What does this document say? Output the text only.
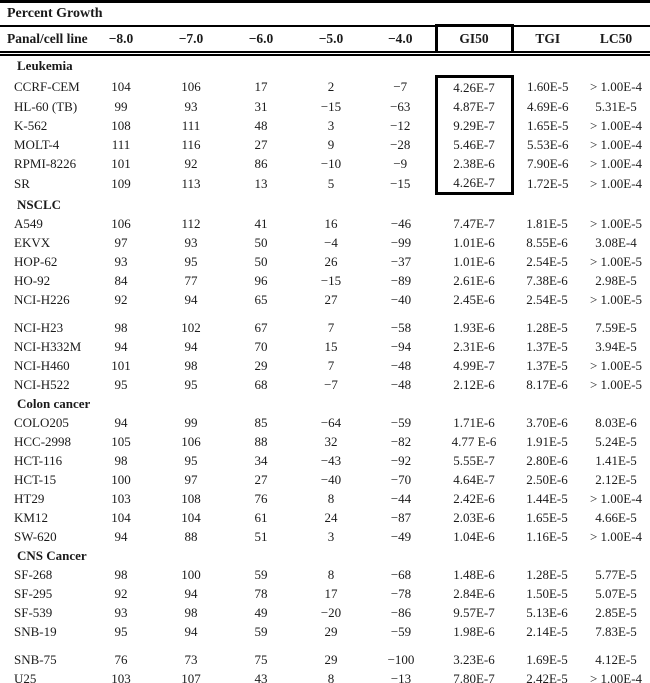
Percent Growth								
Panal/cell line	−8.0	−7.0	−6.0	−5.0	−4.0	GI50	TGI	LC50
Leukemia								
CCRF-CEM	104	106	17	2	−7	4.26E-7	1.60E-5	> 1.00E-4
HL-60 (TB)	99	93	31	−15	−63	4.87E-7	4.69E-6	5.31E-5
K-562	108	111	48	3	−12	9.29E-7	1.65E-5	> 1.00E-4
MOLT-4	111	116	27	9	−28	5.46E-7	5.53E-6	> 1.00E-4
RPMI-8226	101	92	86	−10	−9	2.38E-6	7.90E-6	> 1.00E-4
SR	109	113	13	5	−15	4.26E-7	1.72E-5	> 1.00E-4
NSCLC								
A549	106	112	41	16	−46	7.47E-7	1.81E-5	> 1.00E-5
EKVX	97	93	50	−4	−99	1.01E-6	8.55E-6	3.08E-4
HOP-62	93	95	50	26	−37	1.01E-6	2.54E-5	> 1.00E-5
HO-92	84	77	96	−15	−89	2.61E-6	7.38E-6	2.98E-5
NCI-H226	92	94	65	27	−40	2.45E-6	2.54E-5	> 1.00E-5

NCI-H23	98	102	67	7	−58	1.93E-6	1.28E-5	7.59E-5
NCI-H332M	94	94	70	15	−94	2.31E-6	1.37E-5	3.94E-5
NCI-H460	101	98	29	7	−48	4.99E-7	1.37E-5	> 1.00E-5
NCI-H522	95	95	68	−7	−48	2.12E-6	8.17E-6	> 1.00E-5
Colon cancer								
COLO205	94	99	85	−64	−59	1.71E-6	3.70E-6	8.03E-6
HCC-2998	105	106	88	32	−82	4.77 E-6	1.91E-5	5.24E-5
HCT-116	98	95	34	−43	−92	5.55E-7	2.80E-6	1.41E-5
HCT-15	100	97	27	−40	−70	4.64E-7	2.50E-6	2.12E-5
HT29	103	108	76	8	−44	2.42E-6	1.44E-5	> 1.00E-4
KM12	104	104	61	24	−87	2.03E-6	1.65E-5	4.66E-5
SW-620	94	88	51	3	−49	1.04E-6	1.16E-5	> 1.00E-4
CNS Cancer								
SF-268	98	100	59	8	−68	1.48E-6	1.28E-5	5.77E-5
SF-295	92	94	78	17	−78	2.84E-6	1.50E-5	5.07E-5
SF-539	93	98	49	−20	−86	9.57E-7	5.13E-6	2.85E-5
SNB-19	95	94	59	29	−59	1.98E-6	2.14E-5	7.83E-5

SNB-75	76	73	75	29	−100	3.23E-6	1.69E-5	4.12E-5
U25	103	107	43	8	−13	7.80E-7	2.42E-5	> 1.00E-4
